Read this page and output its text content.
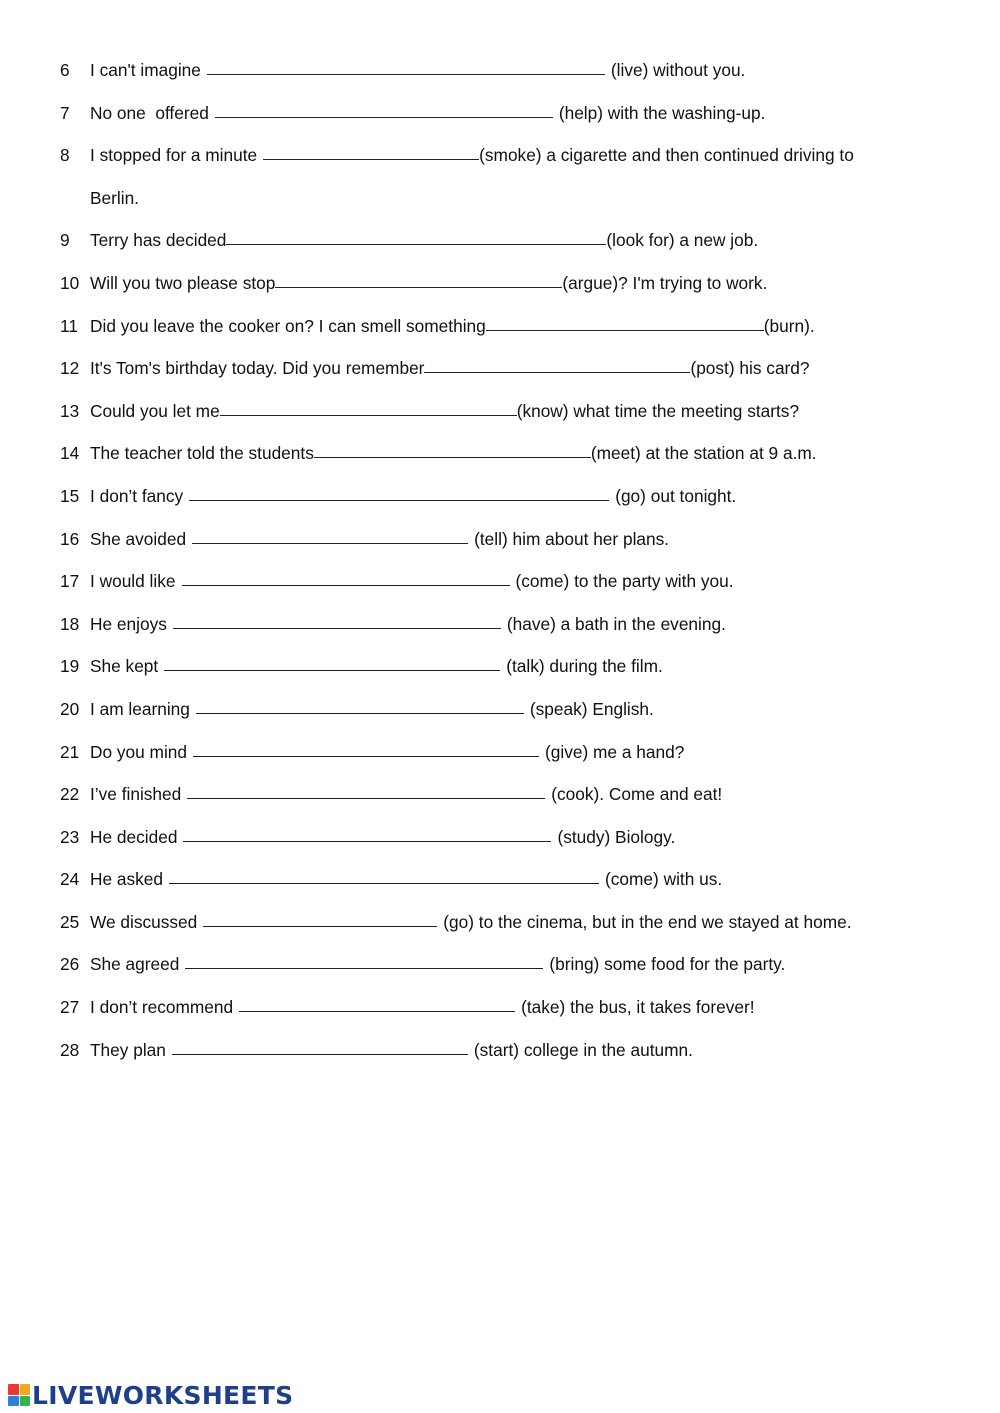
6	I can't imagine	(live) without you.
7	No one  offered	(help) with the washing-up.
8	I stopped for a minute	(smoke) a cigarette and then continued driving to
Berlin.
9	Terry has decided	(look for) a new job.
10 Will you two please stop	(argue)? I'm trying to work.
11 Did you leave the cooker on? I can smell something	(burn).
12 It's Tom's birthday today. Did you remember	(post) his card?
13 Could you let me	(know) what time the meeting starts?
14 The teacher told the students	(meet) at the station at 9 a.m.
15 I don’t fancy	(go) out tonight.
16 She avoided	(tell) him about her plans.
17 I would like	(come) to the party with you.
18 He enjoys	(have) a bath in the evening.
19 She kept	(talk) during the film.
20 I am learning	(speak) English.
21 Do you mind	(give) me a hand?
22 I’ve finished	(cook). Come and eat!
23 He decided	(study) Biology.
24 He asked	(come) with us.
25 We discussed	(go) to the cinema, but in the end we stayed at home.
26 She agreed	(bring) some food for the party.
27 I don’t recommend	(take) the bus, it takes forever!
28 They plan	(start) college in the autumn.
LIVEWORKSHEETS
